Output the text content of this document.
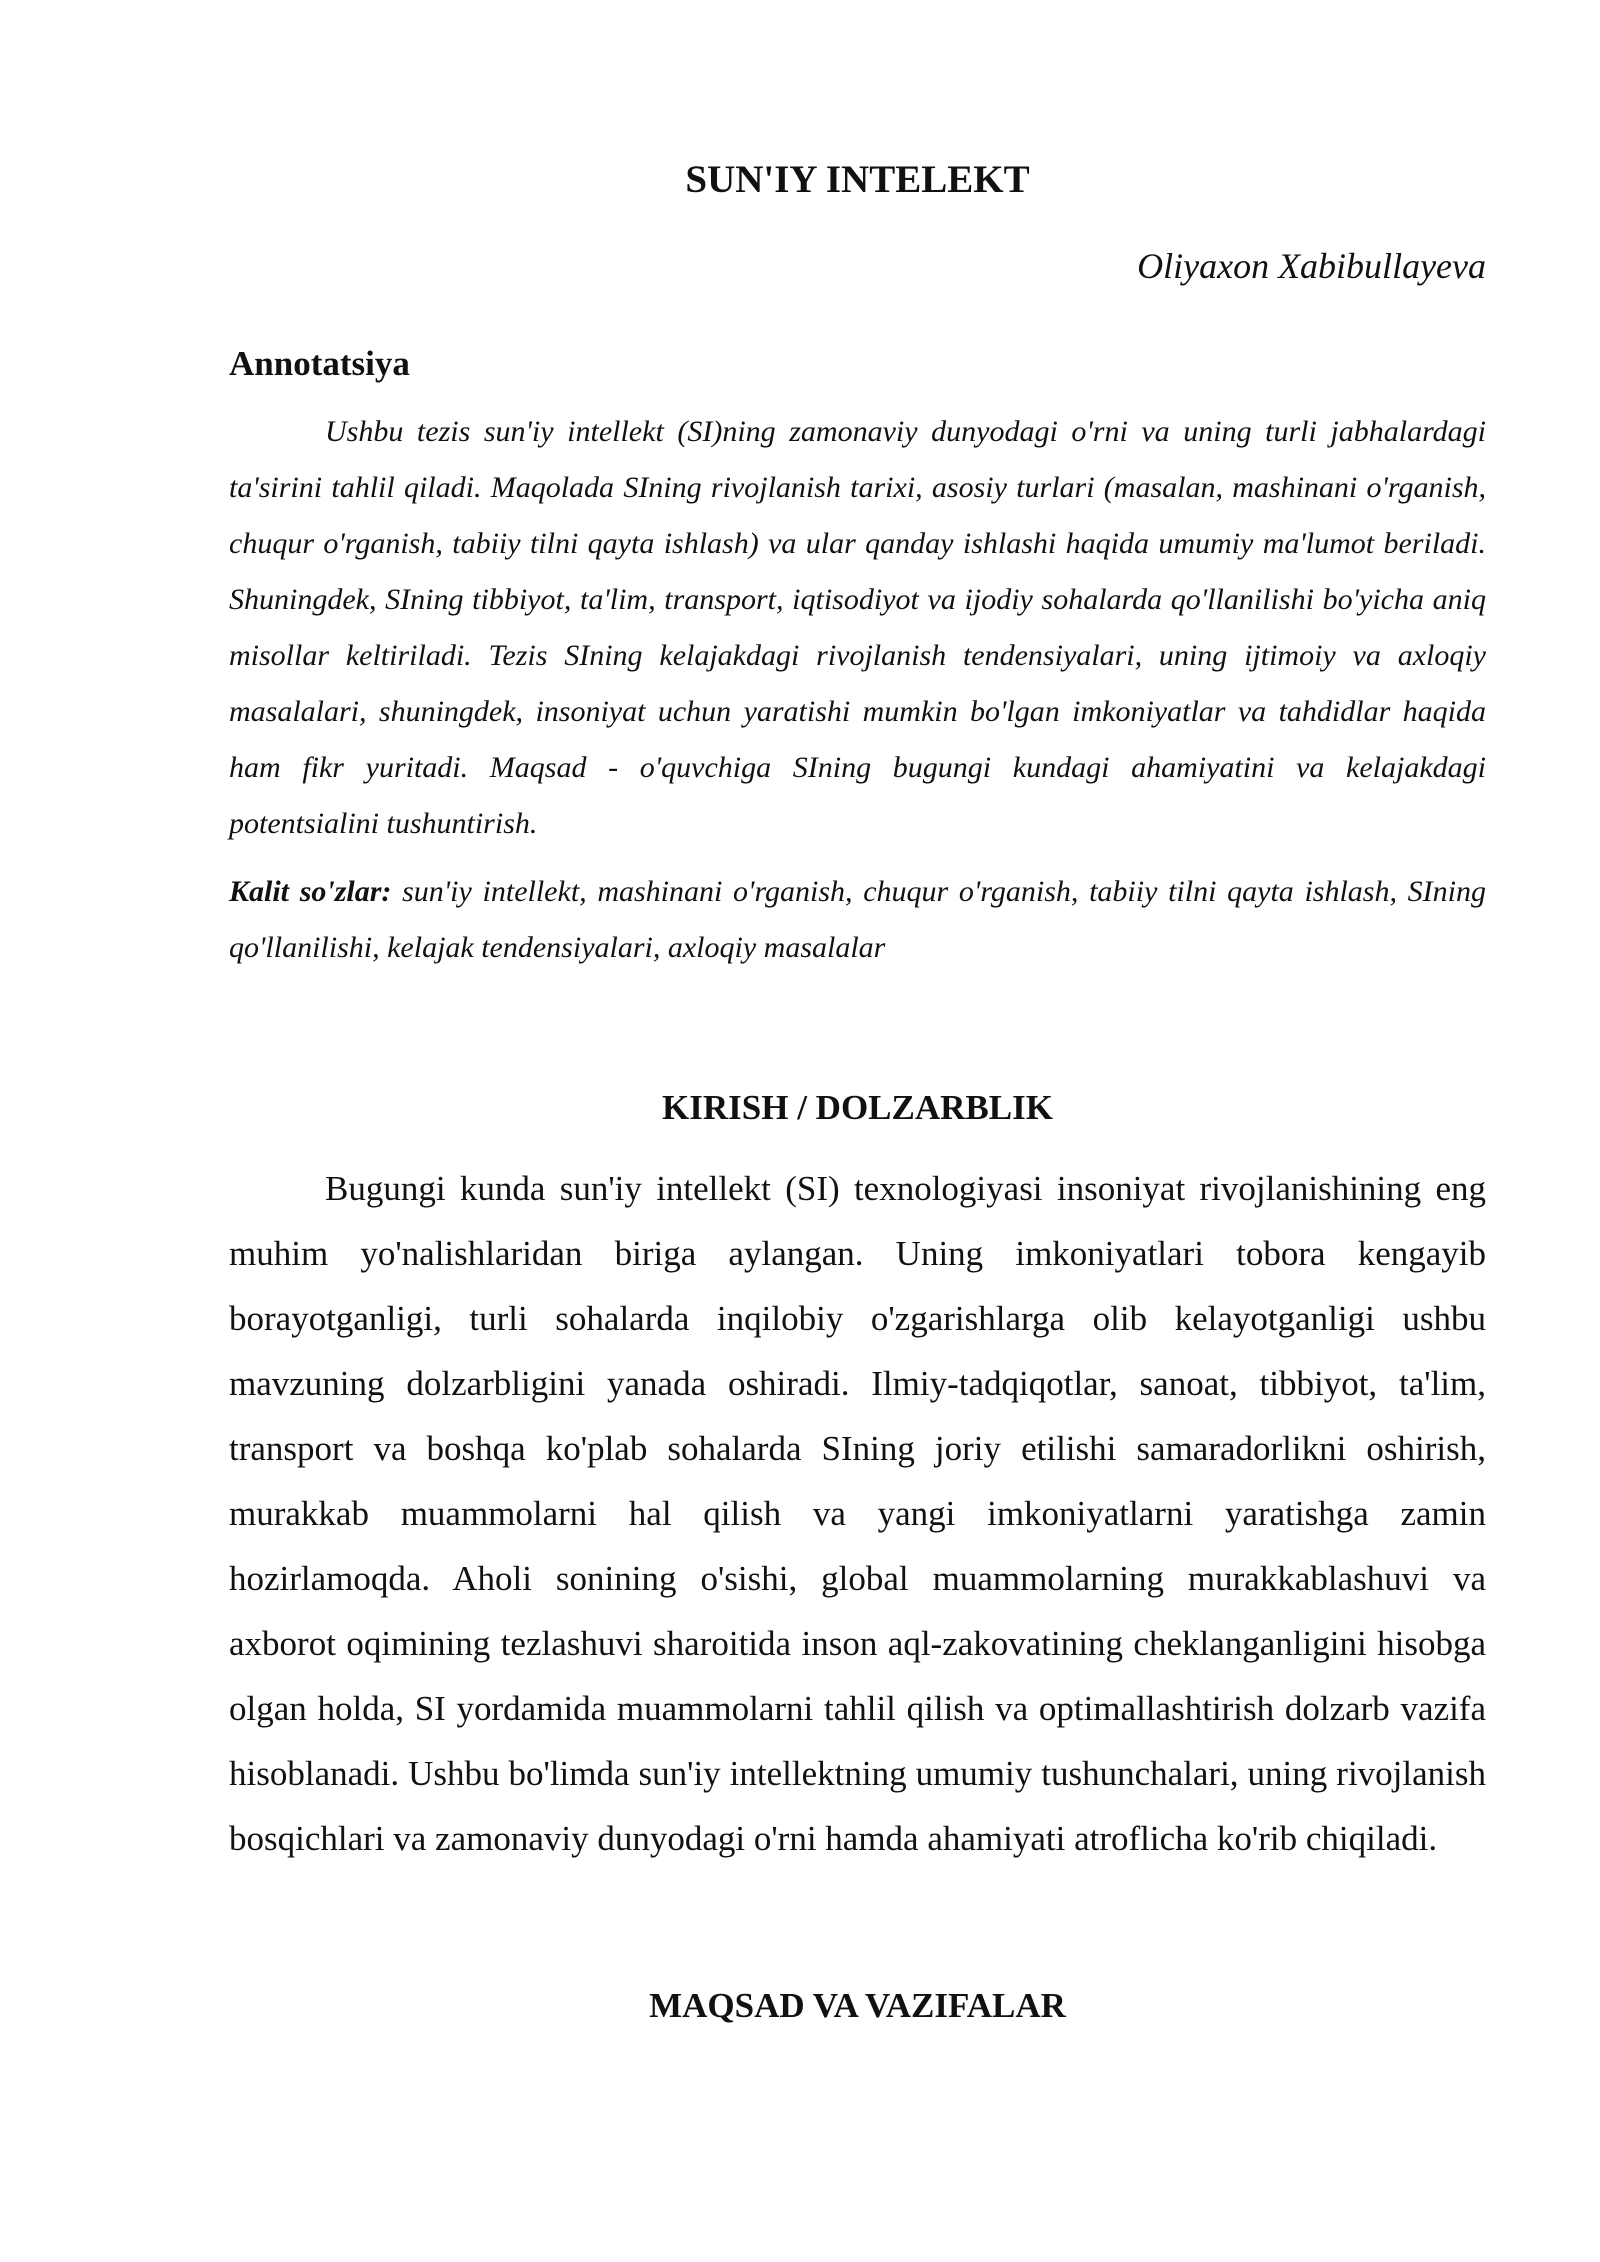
SUN'IY INTELEKT
Oliyaxon Xabibullayeva
Annotatsiya

Ushbu tezis sun'iy intellekt (SI)ning zamonaviy dunyodagi o'rni va uning turli jabhalardagi ta'sirini tahlil qiladi. Maqolada SIning rivojlanish tarixi, asosiy turlari (masalan, mashinani o'rganish, chuqur o'rganish, tabiiy tilni qayta ishlash) va ular qanday ishlashi haqida umumiy ma'lumot beriladi. Shuningdek, SIning tibbiyot, ta'lim, transport, iqtisodiyot va ijodiy sohalarda qo'llanilishi bo'yicha aniq misollar keltiriladi. Tezis SIning kelajakdagi rivojlanish tendensiyalari, uning ijtimoiy va axloqiy masalalari, shuningdek, insoniyat uchun yaratishi mumkin bo'lgan imkoniyatlar va tahdidlar haqida ham fikr yuritadi. Maqsad - o'quvchiga SIning bugungi kundagi ahamiyatini va kelajakdagi potentsialini tushuntirish.

Kalit so'zlar: sun'iy intellekt, mashinani o'rganish, chuqur o'rganish, tabiiy tilni qayta ishlash, SIning qo'llanilishi, kelajak tendensiyalari, axloqiy masalalar

KIRISH / DOLZARBLIK

Bugungi kunda sun'iy intellekt (SI) texnologiyasi insoniyat rivojlanishining eng muhim yo'nalishlaridan biriga aylangan. Uning imkoniyatlari tobora kengayib borayotganligi, turli sohalarda inqilobiy o'zgarishlarga olib kelayotganligi ushbu mavzuning dolzarbligini yanada oshiradi. Ilmiy-tadqiqotlar, sanoat, tibbiyot, ta'lim, transport va boshqa ko'plab sohalarda SIning joriy etilishi samaradorlikni oshirish, murakkab muammolarni hal qilish va yangi imkoniyatlarni yaratishga zamin hozirlamoqda. Aholi sonining o'sishi, global muammolarning murakkablashuvi va axborot oqimining tezlashuvi sharoitida inson aql-zakovatining cheklanganligini hisobga olgan holda, SI yordamida muammolarni tahlil qilish va optimallashtirish dolzarb vazifa hisoblanadi. Ushbu bo'limda sun'iy intellektning umumiy tushunchalari, uning rivojlanish bosqichlari va zamonaviy dunyodagi o'rni hamda ahamiyati atroflicha ko'rib chiqiladi.

MAQSAD VA VAZIFALAR
